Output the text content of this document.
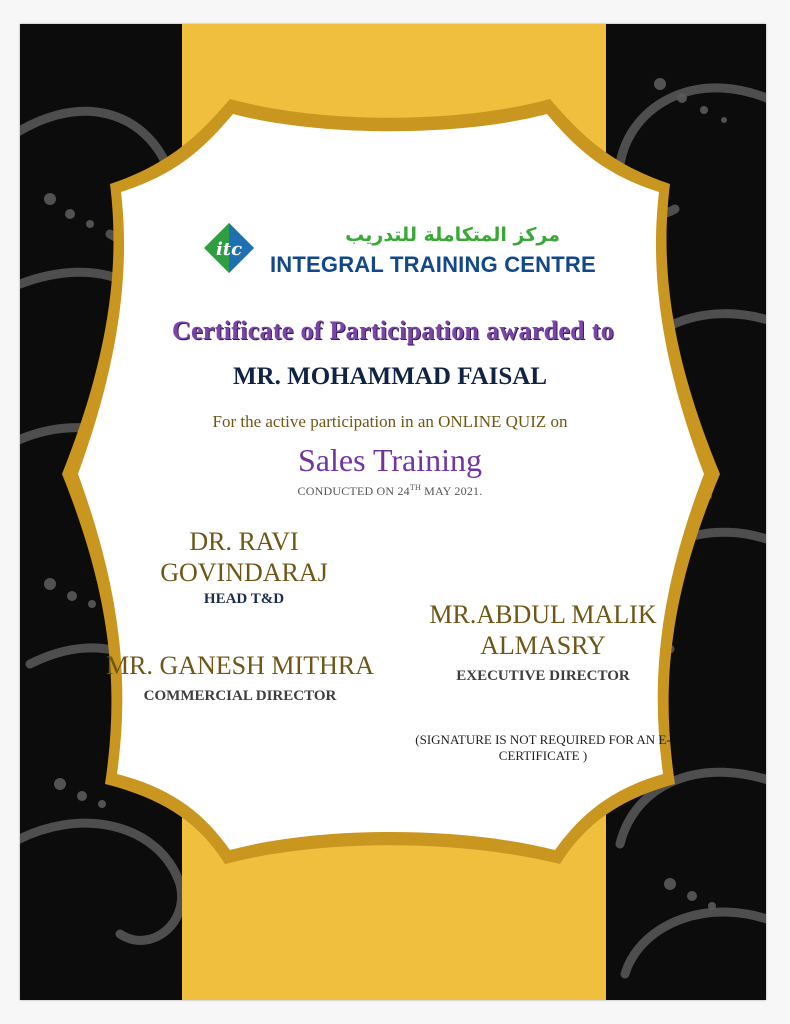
itc
مركز المتكاملة للتدريب
INTEGRAL TRAINING CENTRE
Certificate of Participation awarded to
MR. MOHAMMAD FAISAL
For the active participation in an ONLINE QUIZ on
Sales Training
CONDUCTED ON 24TH MAY 2021.
DR. RAVI GOVINDARAJ
HEAD T&D
MR. GANESH MITHRA
COMMERCIAL DIRECTOR
MR.ABDUL MALIK ALMASRY
EXECUTIVE DIRECTOR
(SIGNATURE IS NOT REQUIRED FOR AN E-CERTIFICATE )
